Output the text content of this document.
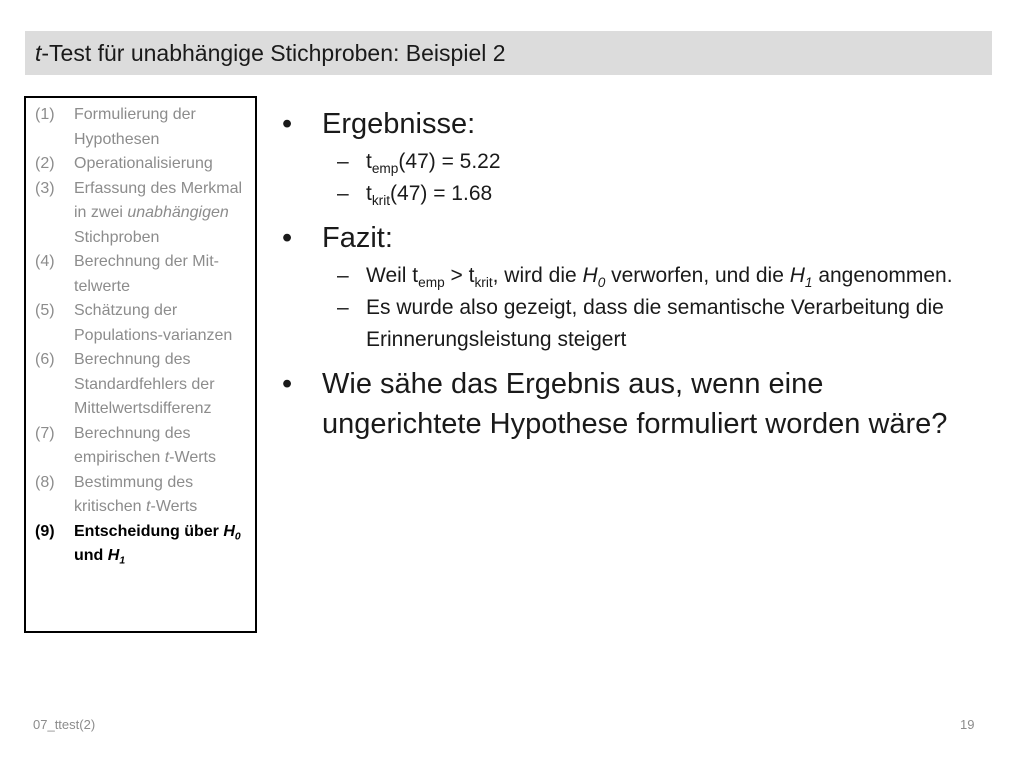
t-Test für unabhängige Stichproben: Beispiel 2
(1)	Formulierung der Hypothesen
(2)	Operationalisierung
(3)	Erfassung des Merkmal in zwei unabhängigen Stichproben
(4)	Berechnung der Mit-telwerte
(5)	Schätzung der Populations-varianzen
(6)	Berechnung des Standardfehlers der Mittelwertsdifferenz
(7)	Berechnung des empirischen t-Werts
(8)	Bestimmung des kritischen t-Werts
(9)	Entscheidung über $H_0$ und $H_1$
• Ergebnisse:
– $t_{emp}(47) = 5.22$
– $t_{krit}(47) = 1.68$
• Fazit:
– Weil $t_{emp} > t_{krit}$, wird die $H_0$ verworfen, und die $H_1$ angenommen.
– Es wurde also gezeigt, dass die semantische Verarbeitung die Erinnerungsleistung steigert
• Wie sähe das Ergebnis aus, wenn eine ungerichtete Hypothese formuliert worden wäre?
07_ttest(2)	19
